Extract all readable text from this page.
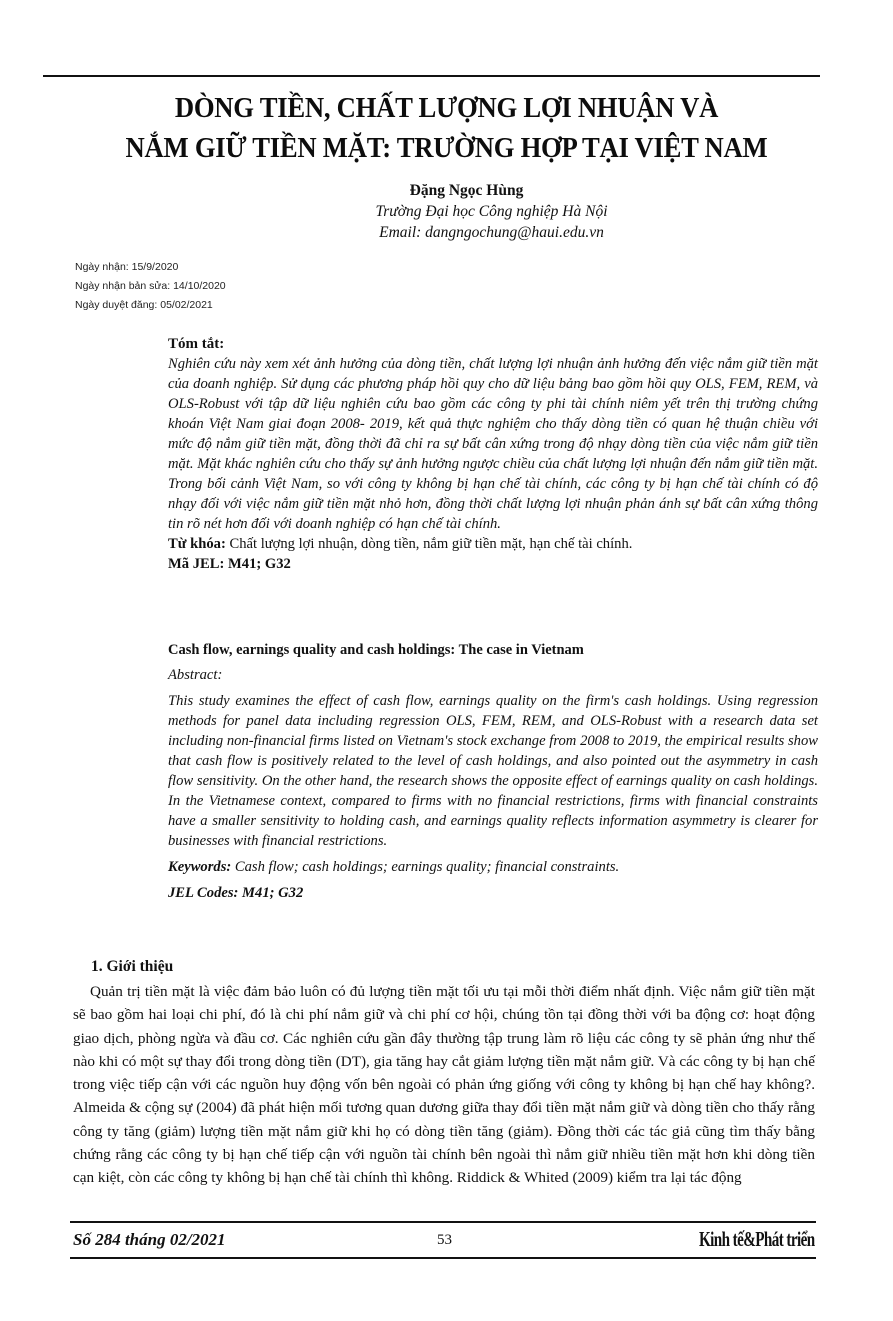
DÒNG TIỀN, CHẤT LƯỢNG LỢI NHUẬN VÀ
NẮM GIỮ TIỀN MẶT: TRƯỜNG HỢP TẠI VIỆT NAM
Đặng Ngọc Hùng
Trường Đại học Công nghiệp Hà Nội
Email: dangngochung@haui.edu.vn
Ngày nhận: 15/9/2020
Ngày nhận bản sửa: 14/10/2020
Ngày duyệt đăng: 05/02/2021
Tóm tắt:
Nghiên cứu này xem xét ảnh hưởng của dòng tiền, chất lượng lợi nhuận ảnh hưởng đến việc nắm giữ tiền mặt của doanh nghiệp. Sử dụng các phương pháp hồi quy cho dữ liệu bảng bao gồm hồi quy OLS, FEM, REM, và OLS-Robust với tập dữ liệu nghiên cứu bao gồm các công ty phi tài chính niêm yết trên thị trường chứng khoán Việt Nam giai đoạn 2008- 2019, kết quả thực nghiệm cho thấy dòng tiền có quan hệ thuận chiều với mức độ nắm giữ tiền mặt, đồng thời đã chỉ ra sự bất cân xứng trong độ nhạy dòng tiền của việc nắm giữ tiền mặt. Mặt khác nghiên cứu cho thấy sự ảnh hưởng ngược chiều của chất lượng lợi nhuận đến nắm giữ tiền mặt. Trong bối cảnh Việt Nam, so với công ty không bị hạn chế tài chính, các công ty bị hạn chế tài chính có độ nhạy đối với việc nắm giữ tiền mặt nhỏ hơn, đồng thời chất lượng lợi nhuận phản ánh sự bất cân xứng thông tin rõ nét hơn đối với doanh nghiệp có hạn chế tài chính.
Từ khóa: Chất lượng lợi nhuận, dòng tiền, nắm giữ tiền mặt, hạn chế tài chính.
Mã JEL: M41; G32
Cash flow, earnings quality and cash holdings: The case in Vietnam
Abstract:
This study examines the effect of cash flow, earnings quality on the firm's cash holdings. Using regression methods for panel data including regression OLS, FEM, REM, and OLS-Robust with a research data set including non-financial firms listed on Vietnam's stock exchange from 2008 to 2019, the empirical results show that cash flow is positively related to the level of cash holdings, and also pointed out the asymmetry in cash flow sensitivity. On the other hand, the research shows the opposite effect of earnings quality on cash holdings. In the Vietnamese context, compared to firms with no financial restrictions, firms with financial constraints have a smaller sensitivity to holding cash, and earnings quality reflects information asymmetry is clearer for businesses with financial restrictions.
Keywords: Cash flow; cash holdings; earnings quality; financial constraints.
JEL Codes: M41; G32
1. Giới thiệu

Quản trị tiền mặt là việc đảm bảo luôn có đủ lượng tiền mặt tối ưu tại mỗi thời điểm nhất định. Việc nắm giữ tiền mặt sẽ bao gồm hai loại chi phí, đó là chi phí nắm giữ và chi phí cơ hội, chúng tồn tại đồng thời với ba động cơ: hoạt động giao dịch, phòng ngừa và đầu cơ. Các nghiên cứu gần đây thường tập trung làm rõ liệu các công ty sẽ phản ứng như thế nào khi có một sự thay đổi trong dòng tiền (DT), gia tăng hay cắt giảm lượng tiền mặt nắm giữ. Và các công ty bị hạn chế trong việc tiếp cận với các nguồn huy động vốn bên ngoài có phản ứng giống với công ty không bị hạn chế hay không?. Almeida & cộng sự (2004) đã phát hiện mối tương quan dương giữa thay đổi tiền mặt nắm giữ và dòng tiền cho thấy rằng công ty tăng (giảm) lượng tiền mặt nắm giữ khi họ có dòng tiền tăng (giảm). Đồng thời các tác giả cũng tìm thấy bằng chứng rằng các công ty bị hạn chế tiếp cận với nguồn tài chính bên ngoài thì nắm giữ nhiều tiền mặt hơn khi dòng tiền cạn kiệt, còn các công ty không bị hạn chế tài chính thì không. Riddick & Whited (2009) kiểm tra lại tác động

Số 284 tháng 02/2021	53	Kinh tế&Phát triển
